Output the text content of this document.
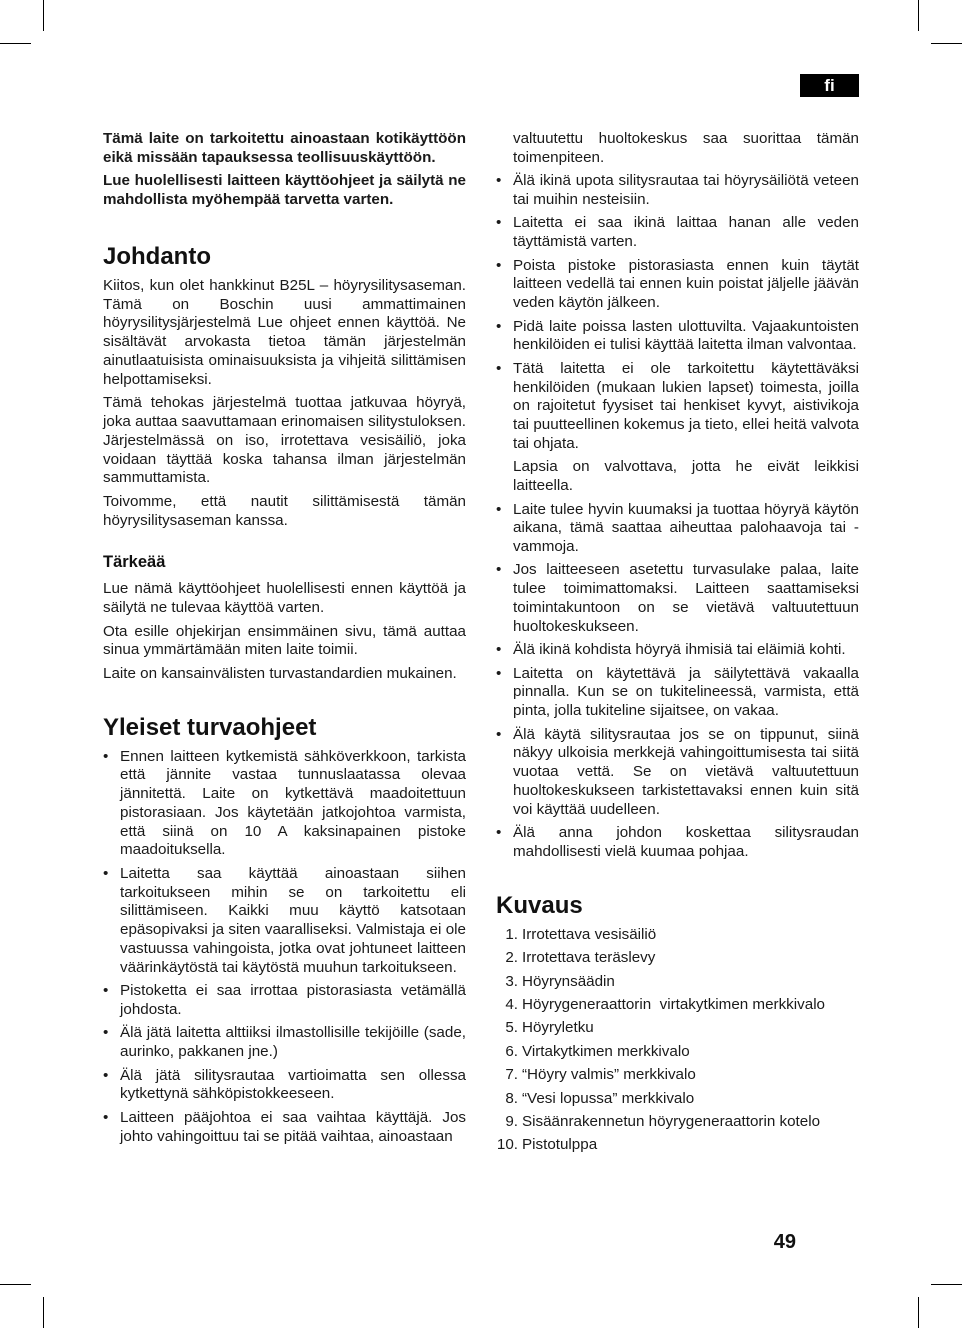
fi

Tämä laite on tarkoitettu ainoastaan kotikäyttöön eikä missään tapauksessa teollisuuskäyttöön.

Lue huolellisesti laitteen käyttöohjeet ja säilytä ne mahdollista myöhempää tarvetta varten.

Johdanto

Kiitos, kun olet hankkinut B25L – höyrysilitysaseman. Tämä on Boschin uusi ammattimainen höyrysilitysjärjestelmä Lue ohjeet ennen käyttöä. Ne sisältävät arvokasta tietoa tämän järjestelmän ainutlaatuisista ominaisuuksista ja vihjeitä silittämisen helpottamiseksi.

Tämä tehokas järjestelmä tuottaa jatkuvaa höyryä, joka auttaa saavuttamaan erinomaisen silitystuloksen. Järjestelmässä on iso, irrotettava vesisäiliö, joka voidaan täyttää koska tahansa ilman järjestelmän sammuttamista.

Toivomme, että nautit silittämisestä tämän höyrysilitysaseman kanssa.

Tärkeää

Lue nämä käyttöohjeet huolellisesti ennen käyttöä ja säilytä ne tulevaa käyttöä varten.

Ota esille ohjekirjan ensimmäinen sivu, tämä auttaa sinua ymmärtämään miten laite toimii.

Laite on kansainvälisten turvastandardien mukainen.

Yleiset turvaohjeet
• Ennen laitteen kytkemistä sähköverkkoon, tarkista että jännite vastaa tunnuslaatassa olevaa jännitettä. Laite on kytkettävä maadoitettuun pistorasiaan. Jos käytetään jatkojohtoa varmista, että siinä on 10 A kaksinapainen pistoke maadoituksella.
• Laitetta saa käyttää ainoastaan siihen tarkoitukseen mihin se on tarkoitettu eli silittämiseen. Kaikki muu käyttö katsotaan epäsopivaksi ja siten vaaralliseksi. Valmistaja ei ole vastuussa vahingoista, jotka ovat johtuneet laitteen väärinkäytöstä tai käytöstä muuhun tarkoitukseen.
• Pistoketta ei saa irrottaa pistorasiasta vetämällä johdosta.
• Älä jätä laitetta alttiiksi ilmastollisille tekijöille (sade, aurinko, pakkanen jne.)
• Älä jätä silitysrautaa vartioimatta sen ollessa kytkettynä sähköpistokkeeseen.
• Laitteen pääjohtoa ei saa vaihtaa käyttäjä. Jos johto vahingoittuu tai se pitää vaihtaa, ainoastaan

valtuutettu huoltokeskus saa suorittaa tämän toimenpiteen.

• Älä ikinä upota silitysrautaa tai höyrysäiliötä veteen tai muihin nesteisiin.
• Laitetta ei saa ikinä laittaa hanan alle veden täyttämistä varten.
• Poista pistoke pistorasiasta ennen kuin täytät laitteen vedellä tai ennen kuin poistat jäljelle jäävän veden käytön jälkeen.
• Pidä laite poissa lasten ulottuvilta. Vajaakuntoisten henkilöiden ei tulisi käyttää laitetta ilman valvontaa.
• Tätä laitetta ei ole tarkoitettu käytettäväksi henkilöiden (mukaan lukien lapset) toimesta, joilla on rajoitetut fyysiset tai henkiset kyvyt, aistivikoja tai puutteellinen kokemus ja tieto, ellei heitä valvota tai ohjata.

Lapsia on valvottava, jotta he eivät leikkisi laitteella.

• Laite tulee hyvin kuumaksi ja tuottaa höyryä käytön aikana, tämä saattaa aiheuttaa palohaavoja tai - vammoja.
• Jos laitteeseen asetettu turvasulake palaa, laite tulee toimimattomaksi. Laitteen saattamiseksi toimintakuntoon on se vietävä valtuutettuun huoltokeskukseen.
• Älä ikinä kohdista höyryä ihmisiä tai eläimiä kohti.
• Laitetta on käytettävä ja säilytettävä vakaalla pinnalla. Kun se on tukitelineessä, varmista, että pinta, jolla tukiteline sijaitsee, on vakaa.
• Älä käytä silitysrautaa jos se on tippunut, siinä näkyy ulkoisia merkkejä vahingoittumisesta tai siitä vuotaa vettä. Se on vietävä valtuutettuun huoltokeskukseen tarkistettavaksi ennen kuin sitä voi käyttää uudelleen.
• Älä anna johdon koskettaa silitysraudan mahdollisesti vielä kuumaa pohjaa.
Kuvaus
1. Irrotettava vesisäiliö
2. Irrotettava teräslevy
3. Höyrynsäädin
4. Höyrygeneraattorin  virtakytkimen merkkivalo
5. Höyryletku
6. Virtakytkimen merkkivalo
7. “Höyry valmis” merkkivalo
8. “Vesi lopussa” merkkivalo
9. Sisäänrakennetun höyrygeneraattorin kotelo
10. Pistotulppa
49
